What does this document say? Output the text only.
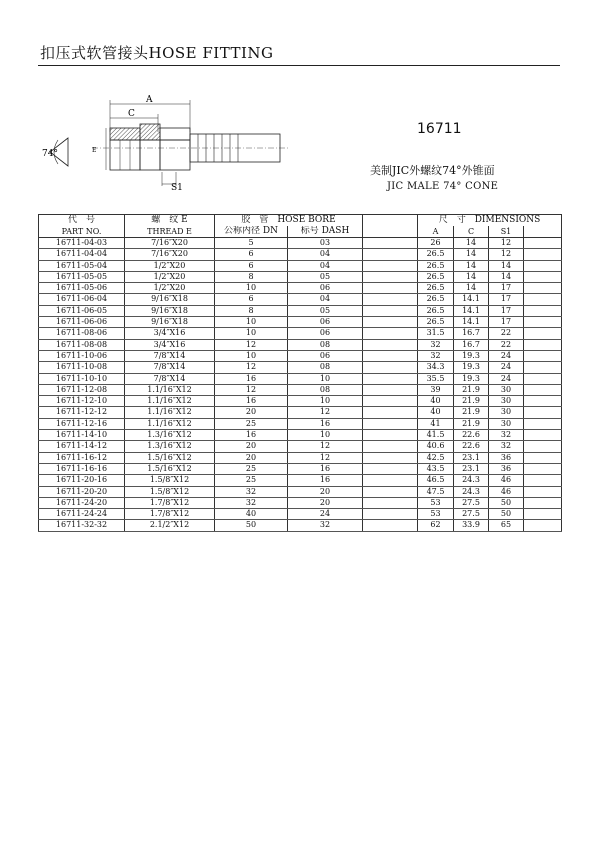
扣压式软管接头HOSE FITTING
74°
A
C
E
S1
16711
美制JIC外螺纹74°外锥面
JIC MALE 74° CONE
代　号	螺　纹 E	胶　管　HOSE BORE			尺　寸　DIMENSIONS			
PART NO.	THREAD E	公称内径 DN	标号 DASH		A	C	S1	
16711-04-03	7/16″X20	5	03		26	14	12	
16711-04-04	7/16″X20	6	04		26.5	14	12	
16711-05-04	1/2″X20	6	04		26.5	14	14	
16711-05-05	1/2″X20	8	05		26.5	14	14	
16711-05-06	1/2″X20	10	06		26.5	14	17	
16711-06-04	9/16″X18	6	04		26.5	14.1	17	
16711-06-05	9/16″X18	8	05		26.5	14.1	17	
16711-06-06	9/16″X18	10	06		26.5	14.1	17	
16711-08-06	3/4″X16	10	06		31.5	16.7	22	
16711-08-08	3/4″X16	12	08		32	16.7	22	
16711-10-06	7/8″X14	10	06		32	19.3	24	
16711-10-08	7/8″X14	12	08		34.3	19.3	24	
16711-10-10	7/8″X14	16	10		35.5	19.3	24	
16711-12-08	1.1/16″X12	12	08		39	21.9	30	
16711-12-10	1.1/16″X12	16	10		40	21.9	30	
16711-12-12	1.1/16″X12	20	12		40	21.9	30	
16711-12-16	1.1/16″X12	25	16		41	21.9	30	
16711-14-10	1.3/16″X12	16	10		41.5	22.6	32	
16711-14-12	1.3/16″X12	20	12		40.6	22.6	32	
16711-16-12	1.5/16″X12	20	12		42.5	23.1	36	
16711-16-16	1.5/16″X12	25	16		43.5	23.1	36	
16711-20-16	1.5/8″X12	25	16		46.5	24.3	46	
16711-20-20	1.5/8″X12	32	20		47.5	24.3	46	
16711-24-20	1.7/8″X12	32	20		53	27.5	50	
16711-24-24	1.7/8″X12	40	24		53	27.5	50	
16711-32-32	2.1/2″X12	50	32		62	33.9	65	
